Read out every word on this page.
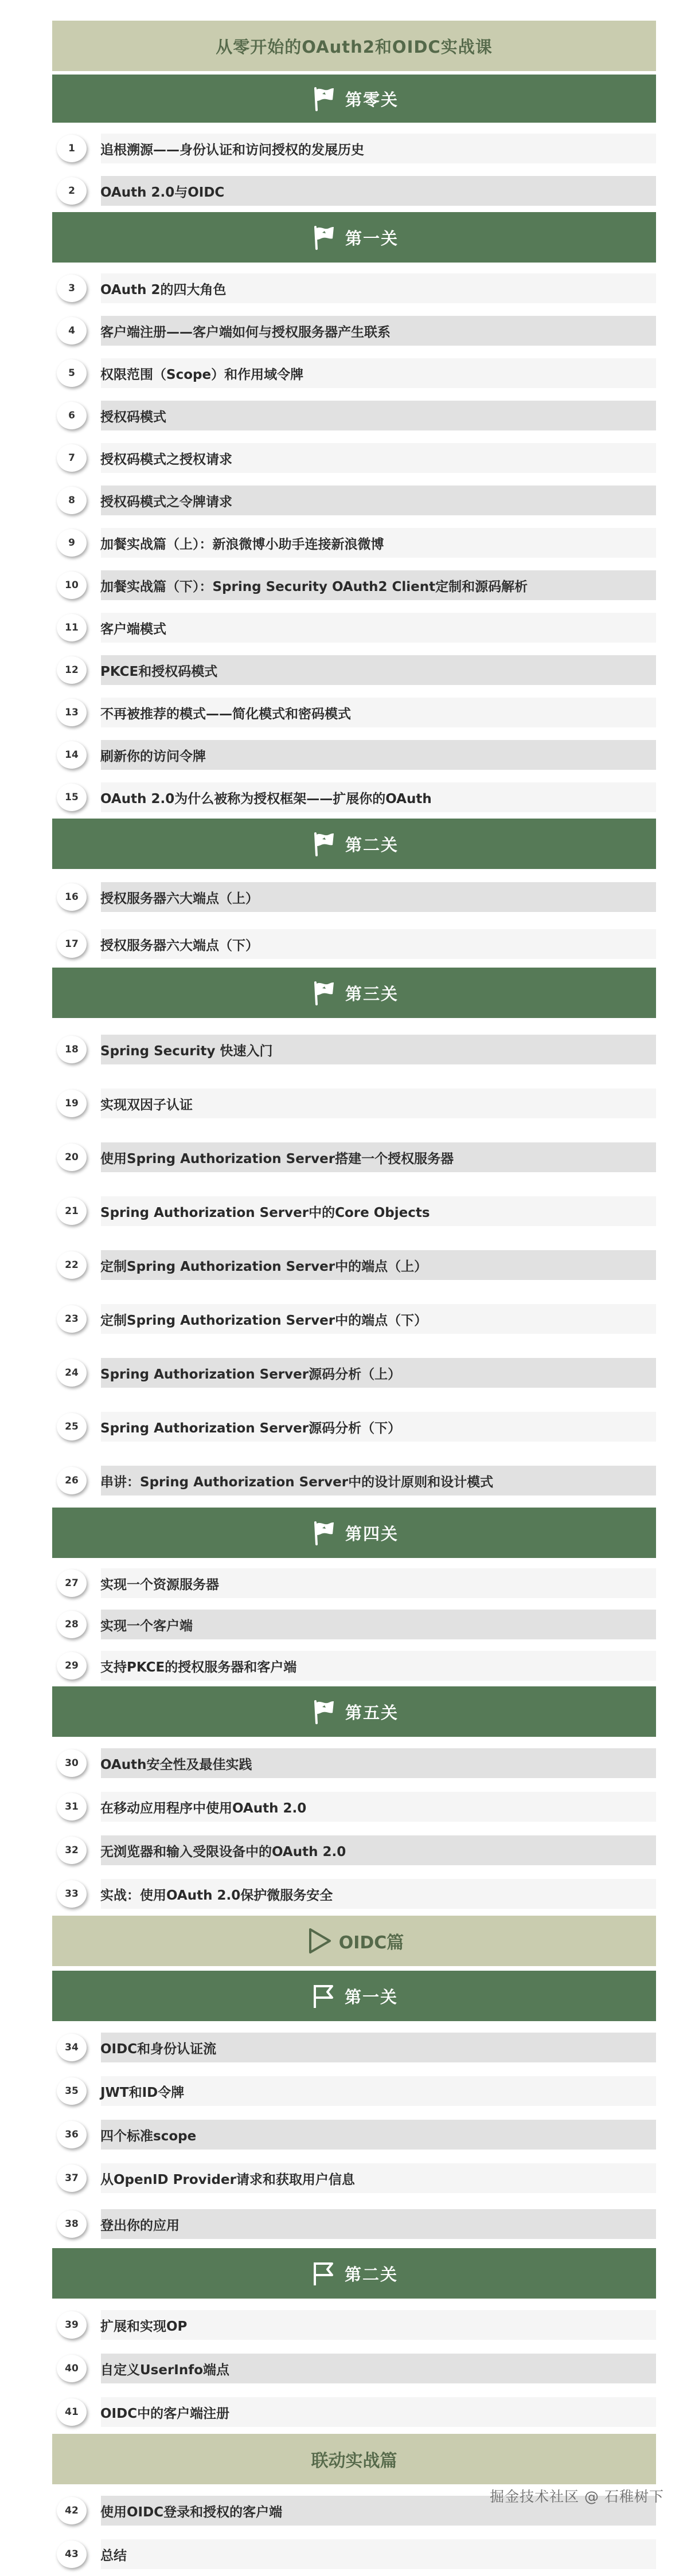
从零开始的OAuth2和OIDC实战课
第零关
1	追根溯源——身份认证和访问授权的发展历史
2	OAuth 2.0与OIDC
第一关
3	OAuth 2的四大角色
4	客户端注册——客户端如何与授权服务器产生联系
5	权限范围（Scope）和作用域令牌
6	授权码模式
7	授权码模式之授权请求
8	授权码模式之令牌请求
9	加餐实战篇（上）：新浪微博小助手连接新浪微博
10	加餐实战篇（下）：Spring Security OAuth2 Client定制和源码解析
11	客户端模式
12	PKCE和授权码模式
13	不再被推荐的模式——简化模式和密码模式
14	刷新你的访问令牌
15	OAuth 2.0为什么被称为授权框架——扩展你的OAuth
第二关
16	授权服务器六大端点（上）
17	授权服务器六大端点（下）
第三关
18	Spring Security 快速入门
19	实现双因子认证
20	使用Spring Authorization Server搭建一个授权服务器
21	Spring Authorization Server中的Core Objects
22	定制Spring Authorization Server中的端点（上）
23	定制Spring Authorization Server中的端点（下）
24	Spring Authorization Server源码分析（上）
25	Spring Authorization Server源码分析（下）
26	串讲：Spring Authorization Server中的设计原则和设计模式
第四关
27	实现一个资源服务器
28	实现一个客户端
29	支持PKCE的授权服务器和客户端
第五关
30	OAuth安全性及最佳实践
31	在移动应用程序中使用OAuth 2.0
32	无浏览器和输入受限设备中的OAuth 2.0
33	实战：使用OAuth 2.0保护微服务安全
OIDC篇
第一关
34	OIDC和身份认证流
35	JWT和ID令牌
36	四个标准scope
37	从OpenID Provider请求和获取用户信息
38	登出你的应用
第二关
39	扩展和实现OP
40	自定义UserInfo端点
41	OIDC中的客户端注册
联动实战篇
42	使用OIDC登录和授权的客户端
43	总结
掘金技术社区 @ 石稚树下
